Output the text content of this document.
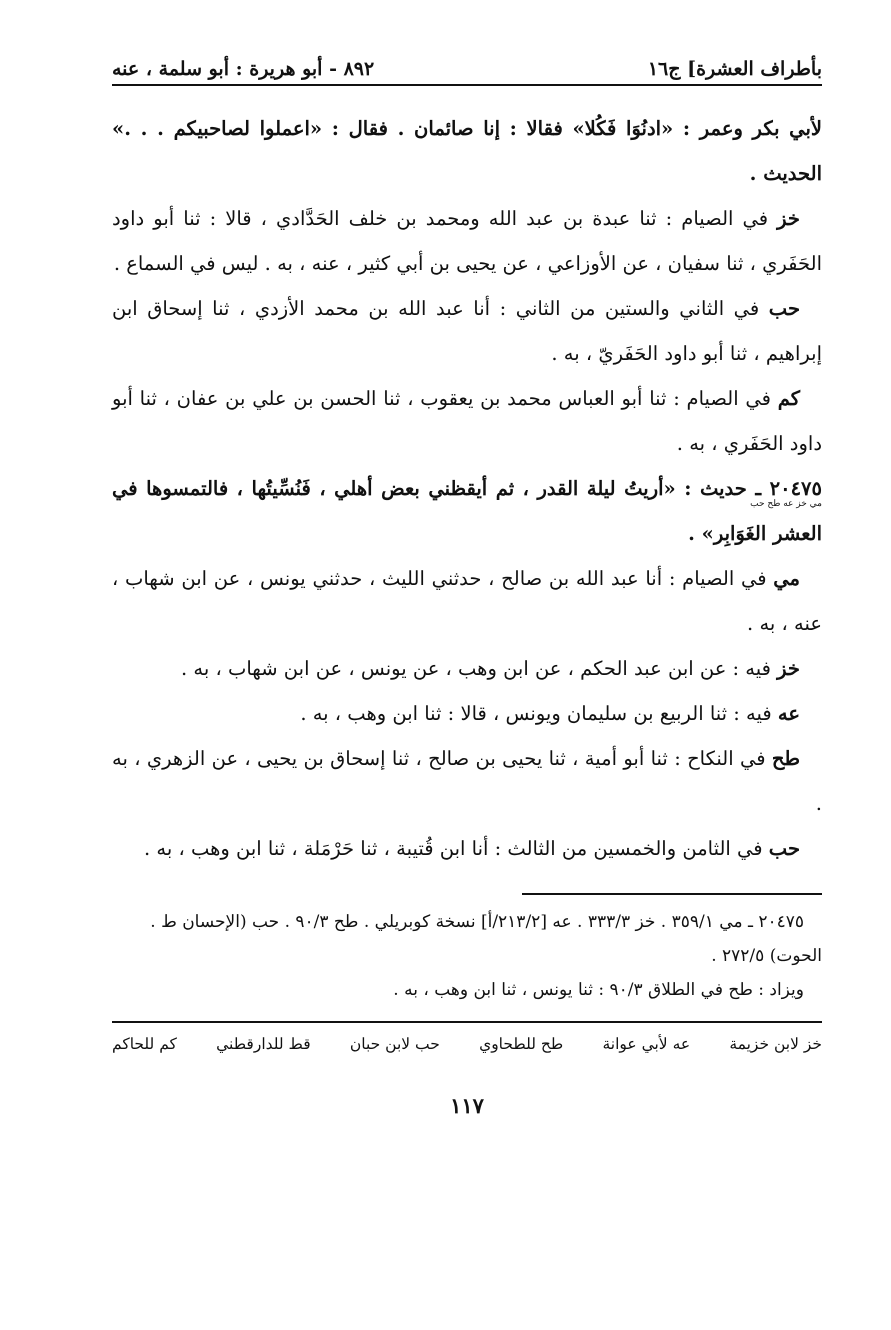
بأطراف العشرة] ج١٦
٨٩٢ - أبو هريرة : أبو سلمة ، عنه

لأبي بكر وعمر : «ادنُوَا فَكُلا» فقالا : إنا صائمان . فقال : «اعملوا لصاحبيكم . . .» الحديث .

خز في الصيام : ثنا عبدة بن عبد الله ومحمد بن خلف الحَدَّادي ، قالا : ثنا أبو داود الحَفَري ، ثنا سفيان ، عن الأوزاعي ، عن يحيى بن أبي كثير ، عنه ، به . ليس في السماع .

حب في الثاني والستين من الثاني : أنا عبد الله بن محمد الأزدي ، ثنا إسحاق ابن إبراهيم ، ثنا أبو داود الحَفَريّ ، به .

كم في الصيام : ثنا أبو العباس محمد بن يعقوب ، ثنا الحسن بن علي بن عفان ، ثنا أبو داود الحَفَري ، به .

٢٠٤٧٥ ـ حديث : «أريتُ ليلة القدر ، ثم أيقظني بعض أهلي ، فَنُسِّيتُها ، فالتمسوها في العشر الغَوَابِر» .
مي خز عه طح حب

مي في الصيام : أنا عبد الله بن صالح ، حدثني الليث ، حدثني يونس ، عن ابن شهاب ، عنه ، به .

خز فيه : عن ابن عبد الحكم ، عن ابن وهب ، عن يونس ، عن ابن شهاب ، به .

عه فيه : ثنا الربيع بن سليمان ويونس ، قالا : ثنا ابن وهب ، به .

طح في النكاح : ثنا أبو أمية ، ثنا يحيى بن صالح ، ثنا إسحاق بن يحيى ، عن الزهري ، به .

حب في الثامن والخمسين من الثالث : أنا ابن قُتيبة ، ثنا حَرْمَلة ، ثنا ابن وهب ، به .

٢٠٤٧٥ ـ مي ٣٥٩/١ . خز ٣٣٣/٣ . عه [٢١٣/٢/أ] نسخة كوبريلي . طح ٩٠/٣ . حب (الإحسان ط . الحوت) ٢٧٢/٥ .

ويزاد : طح في الطلاق ٩٠/٣ : ثنا يونس ، ثنا ابن وهب ، به .

خز لابن خزيمة
عه لأبي عوانة
طح للطحاوي
حب لابن حبان
قط للدارقطني
كم للحاكم
١١٧
